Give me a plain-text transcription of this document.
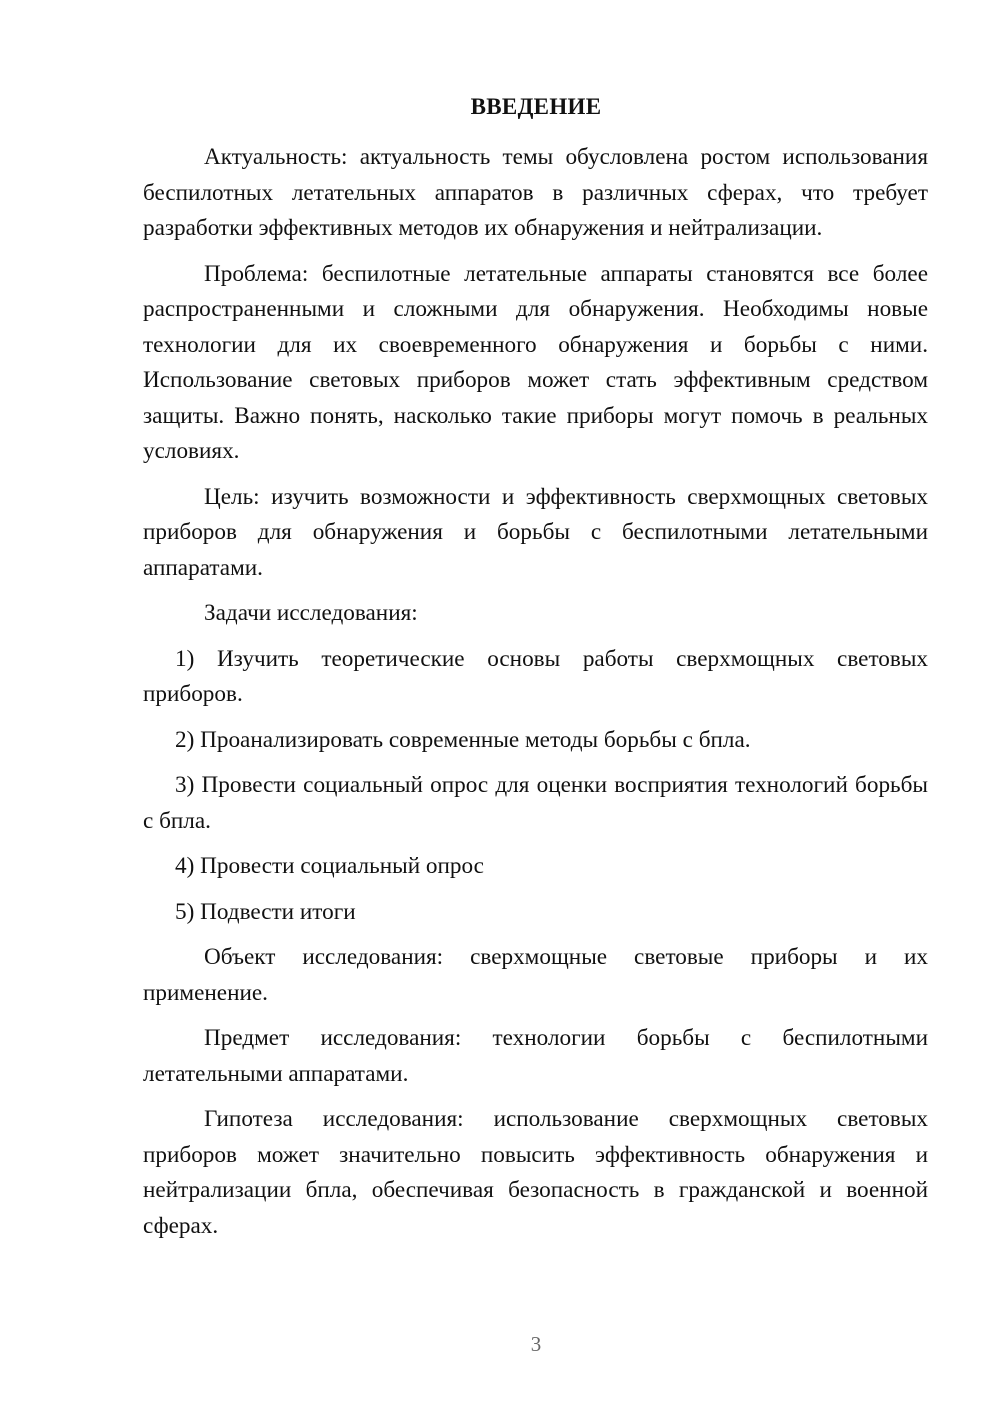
ВВЕДЕНИЕ

Актуальность: актуальность темы обусловлена ростом использования беспилотных летательных аппаратов в различных сферах, что требует разработки эффективных методов их обнаружения и нейтрализации.

Проблема: беспилотные летательные аппараты становятся все более распространенными и сложными для обнаружения. Необходимы новые технологии для их своевременного обнаружения и борьбы с ними. Использование световых приборов может стать эффективным средством защиты. Важно понять, насколько такие приборы могут помочь в реальных условиях.

Цель: изучить возможности и эффективность сверхмощных световых приборов для обнаружения и борьбы с беспилотными летательными аппаратами.

Задачи исследования:

1) Изучить теоретические основы работы сверхмощных световых приборов.

2) Проанализировать современные методы борьбы с бпла.

3) Провести социальный опрос для оценки восприятия технологий борьбы с бпла.

4) Провести социальный опрос

5) Подвести итоги

Объект исследования: сверхмощные световые приборы и их применение.

Предмет исследования: технологии борьбы с беспилотными летательными аппаратами.

Гипотеза исследования: использование сверхмощных световых приборов может значительно повысить эффективность обнаружения и нейтрализации бпла, обеспечивая безопасность в гражданской и военной сферах.

3
